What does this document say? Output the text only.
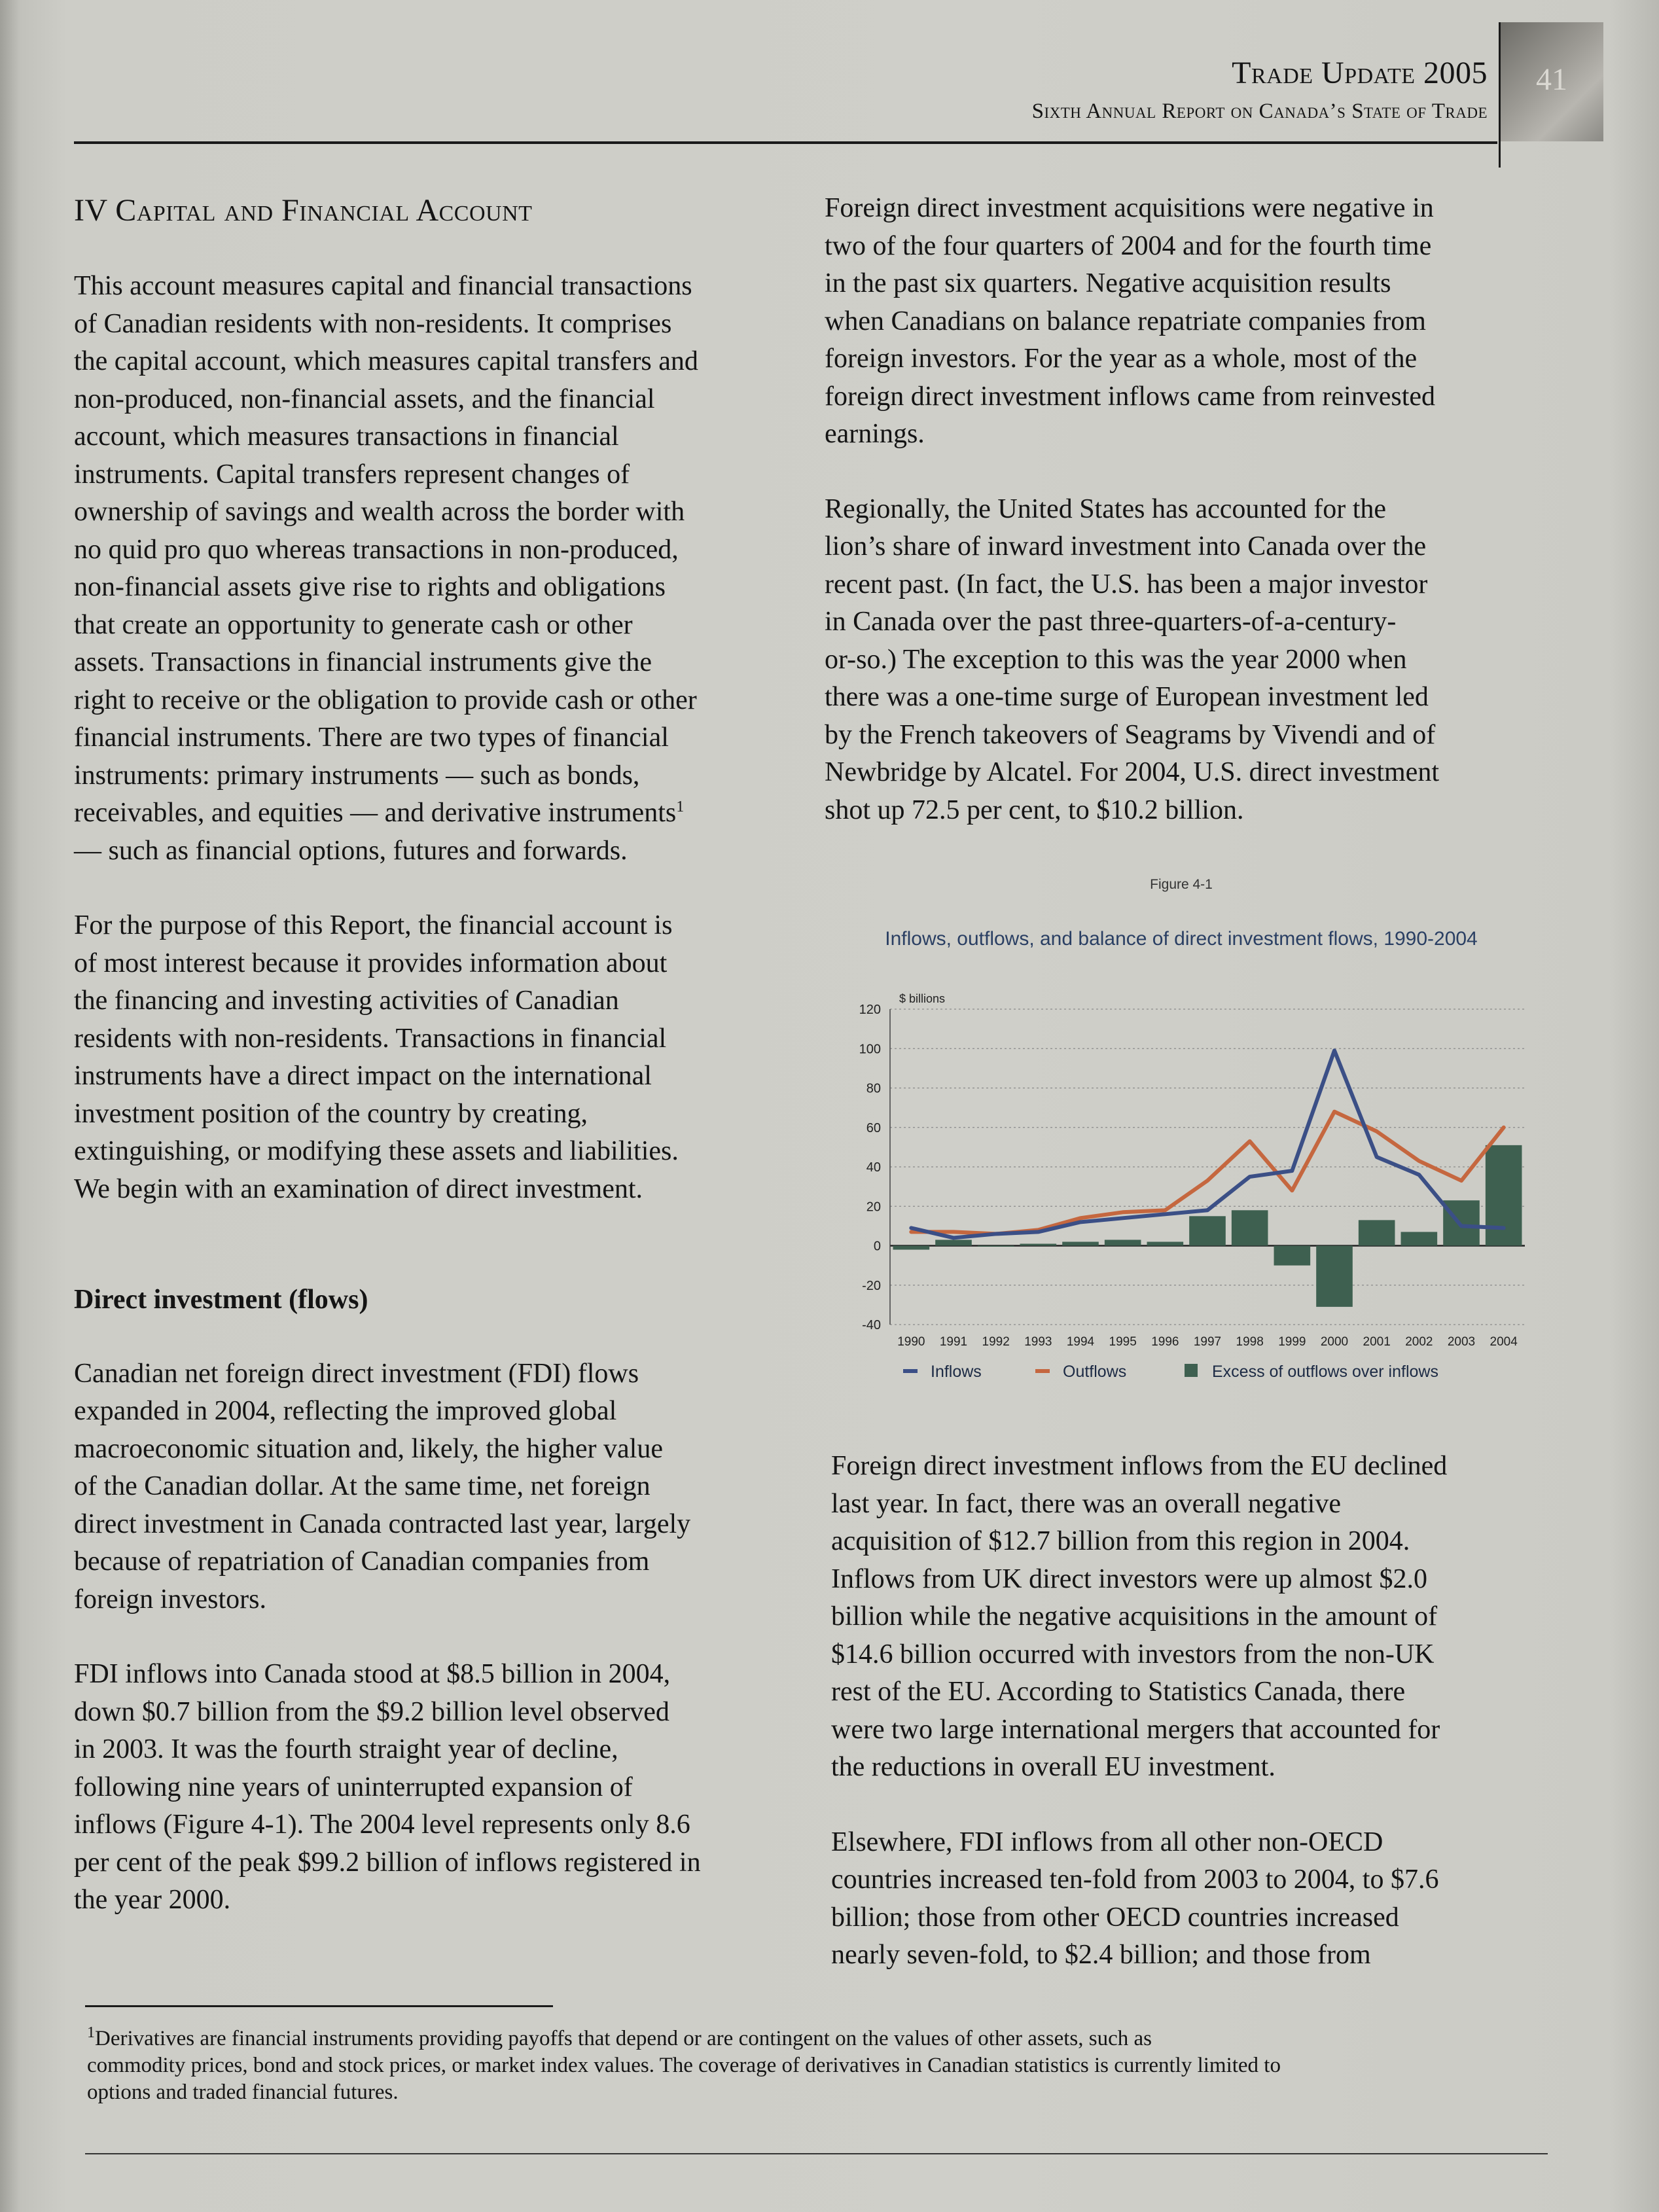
41
Trade Update 2005
Sixth Annual Report on Canada’s State of Trade

IV Capital and Financial Account

This account measures capital and financial transactions
of Canadian residents with non-residents. It comprises
the capital account, which measures capital transfers and
non-produced, non-financial assets, and the financial
account, which measures transactions in financial
instruments. Capital transfers represent changes of
ownership of savings and wealth across the border with
no quid pro quo whereas transactions in non-produced,
non-financial assets give rise to rights and obligations
that create an opportunity to generate cash or other
assets. Transactions in financial instruments give the
right to receive or the obligation to provide cash or other
financial instruments. There are two types of financial
instruments: primary instruments — such as bonds,
receivables, and equities — and derivative instruments$^1$
— such as financial options, futures and forwards.

For the purpose of this Report, the financial account is
of most interest because it provides information about
the financing and investing activities of Canadian
residents with non-residents. Transactions in financial
instruments have a direct impact on the international
investment position of the country by creating,
extinguishing, or modifying these assets and liabilities.
We begin with an examination of direct investment.

Direct investment (flows)

Canadian net foreign direct investment (FDI) flows
expanded in 2004, reflecting the improved global
macroeconomic situation and, likely, the higher value
of the Canadian dollar. At the same time, net foreign
direct investment in Canada contracted last year, largely
because of repatriation of Canadian companies from
foreign investors.

FDI inflows into Canada stood at $8.5 billion in 2004,
down $0.7 billion from the $9.2 billion level observed
in 2003. It was the fourth straight year of decline,
following nine years of uninterrupted expansion of
inflows (Figure 4-1). The 2004 level represents only 8.6
per cent of the peak $99.2 billion of inflows registered in
the year 2000.

Foreign direct investment acquisitions were negative in
two of the four quarters of 2004 and for the fourth time
in the past six quarters. Negative acquisition results
when Canadians on balance repatriate companies from
foreign investors. For the year as a whole, most of the
foreign direct investment inflows came from reinvested
earnings.

Regionally, the United States has accounted for the
lion’s share of inward investment into Canada over the
recent past. (In fact, the U.S. has been a major investor
in Canada over the past three-quarters-of-a-century-
or-so.) The exception to this was the year 2000 when
there was a one-time surge of European investment led
by the French takeovers of Seagrams by Vivendi and of
Newbridge by Alcatel. For 2004, U.S. direct investment
shot up 72.5 per cent, to $10.2 billion.

Figure 4-1
Inflows, outflows, and balance of direct investment flows, 1990-2004
-40
-20
0
20
40
60
80
100
120
$ billions
1990 1991 1992 1993 1994 1995 1996 1997 1998 1999 2000 2001 2002 2003 2004
Inflows	Outflows	Excess of outflows over inflows

Foreign direct investment inflows from the EU declined
last year. In fact, there was an overall negative
acquisition of $12.7 billion from this region in 2004.
Inflows from UK direct investors were up almost $2.0
billion while the negative acquisitions in the amount of
$14.6 billion occurred with investors from the non-UK
rest of the EU. According to Statistics Canada, there
were two large international mergers that accounted for
the reductions in overall EU investment.

Elsewhere, FDI inflows from all other non-OECD
countries increased ten-fold from 2003 to 2004, to $7.6
billion; those from other OECD countries increased
nearly seven-fold, to $2.4 billion; and those from

$^1$Derivatives are financial instruments providing payoffs that depend or are contingent on the values of other assets, such as
commodity prices, bond and stock prices, or market index values. The coverage of derivatives in Canadian statistics is currently limited to
options and traded financial futures.
